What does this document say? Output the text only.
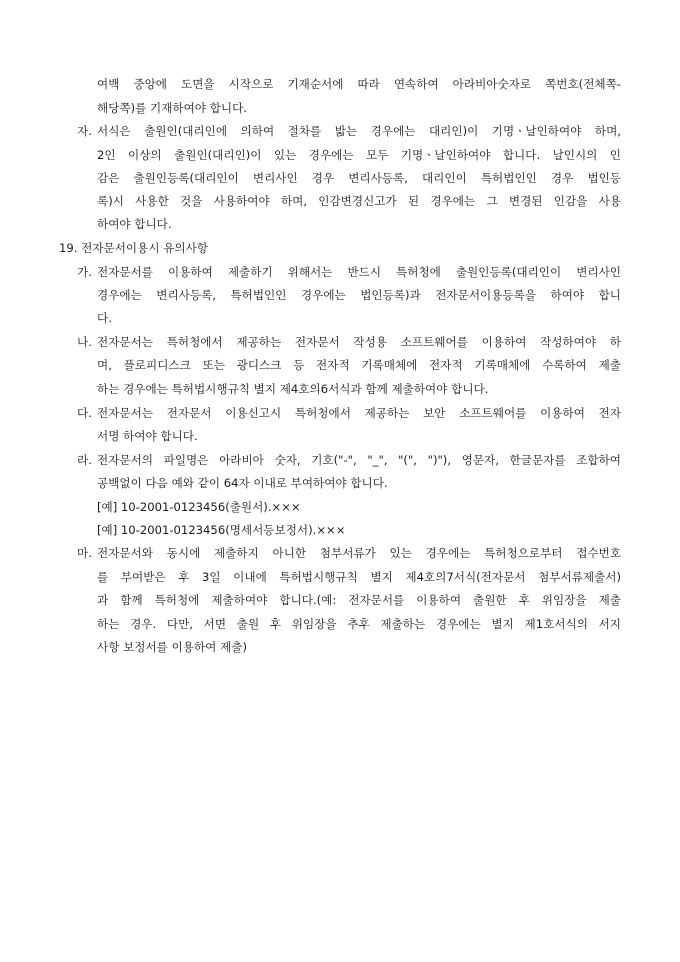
여백 중앙에 도면을 시작으로 기재순서에 따라 연속하여 아라비아숫자로 쪽번호(전체쪽-
해당쪽)를 기재하여야 합니다.
자. 서식은 출원인(대리인에 의하여 절차를 밟는 경우에는 대리인)이 기명ㆍ날인하여야 하며,
2인 이상의 출원인(대리인)이 있는 경우에는 모두 기명ㆍ날인하여야 합니다. 날인시의 인
감은 출원인등록(대리인이 변리사인 경우 변리사등록, 대리인이 특허법인인 경우 법인등
록)시 사용한 것을 사용하여야 하며, 인감변경신고가 된 경우에는 그 변경된 인감을 사용
하여야 합니다.
19. 전자문서이용시 유의사항
가. 전자문서를 이용하여 제출하기 위해서는 반드시 특허청에 출원인등록(대리인이 변리사인
경우에는 변리사등록, 특허법인인 경우에는 법인등록)과 전자문서이용등록을 하여야 합니
다.
나. 전자문서는 특허청에서 제공하는 전자문서 작성용 소프트웨어를 이용하여 작성하여야 하
며, 플로피디스크 또는 광디스크 등 전자적 기록매체에 전자적 기록매체에 수록하여 제출
하는 경우에는 특허법시행규칙 별지 제4호의6서식과 함께 제출하여야 합니다.
다. 전자문서는 전자문서 이용신고시 특허청에서 제공하는 보안 소프트웨어를 이용하여 전자
서명 하여야 합니다.
라. 전자문서의 파일명은 아라비아 숫자, 기호("-", "_", "(", ")"), 영문자, 한글문자를 조합하여
공백없이 다음 예와 같이 64자 이내로 부여하여야 합니다.
[예] 10-2001-0123456(출원서).×××
[예] 10-2001-0123456(명세서등보정서).×××
마. 전자문서와 동시에 제출하지 아니한 첨부서류가 있는 경우에는 특허청으로부터 접수번호
를 부여받은 후 3일 이내에 특허법시행규칙 별지 제4호의7서식(전자문서 첨부서류제출서)
과 함께 특허청에 제출하여야 합니다.(예: 전자문서를 이용하여 출원한 후 위임장을 제출
하는 경우. 다만, 서면 출원 후 위임장을 추후 제출하는 경우에는 별지 제1호서식의 서지
사항 보정서를 이용하여 제출)
